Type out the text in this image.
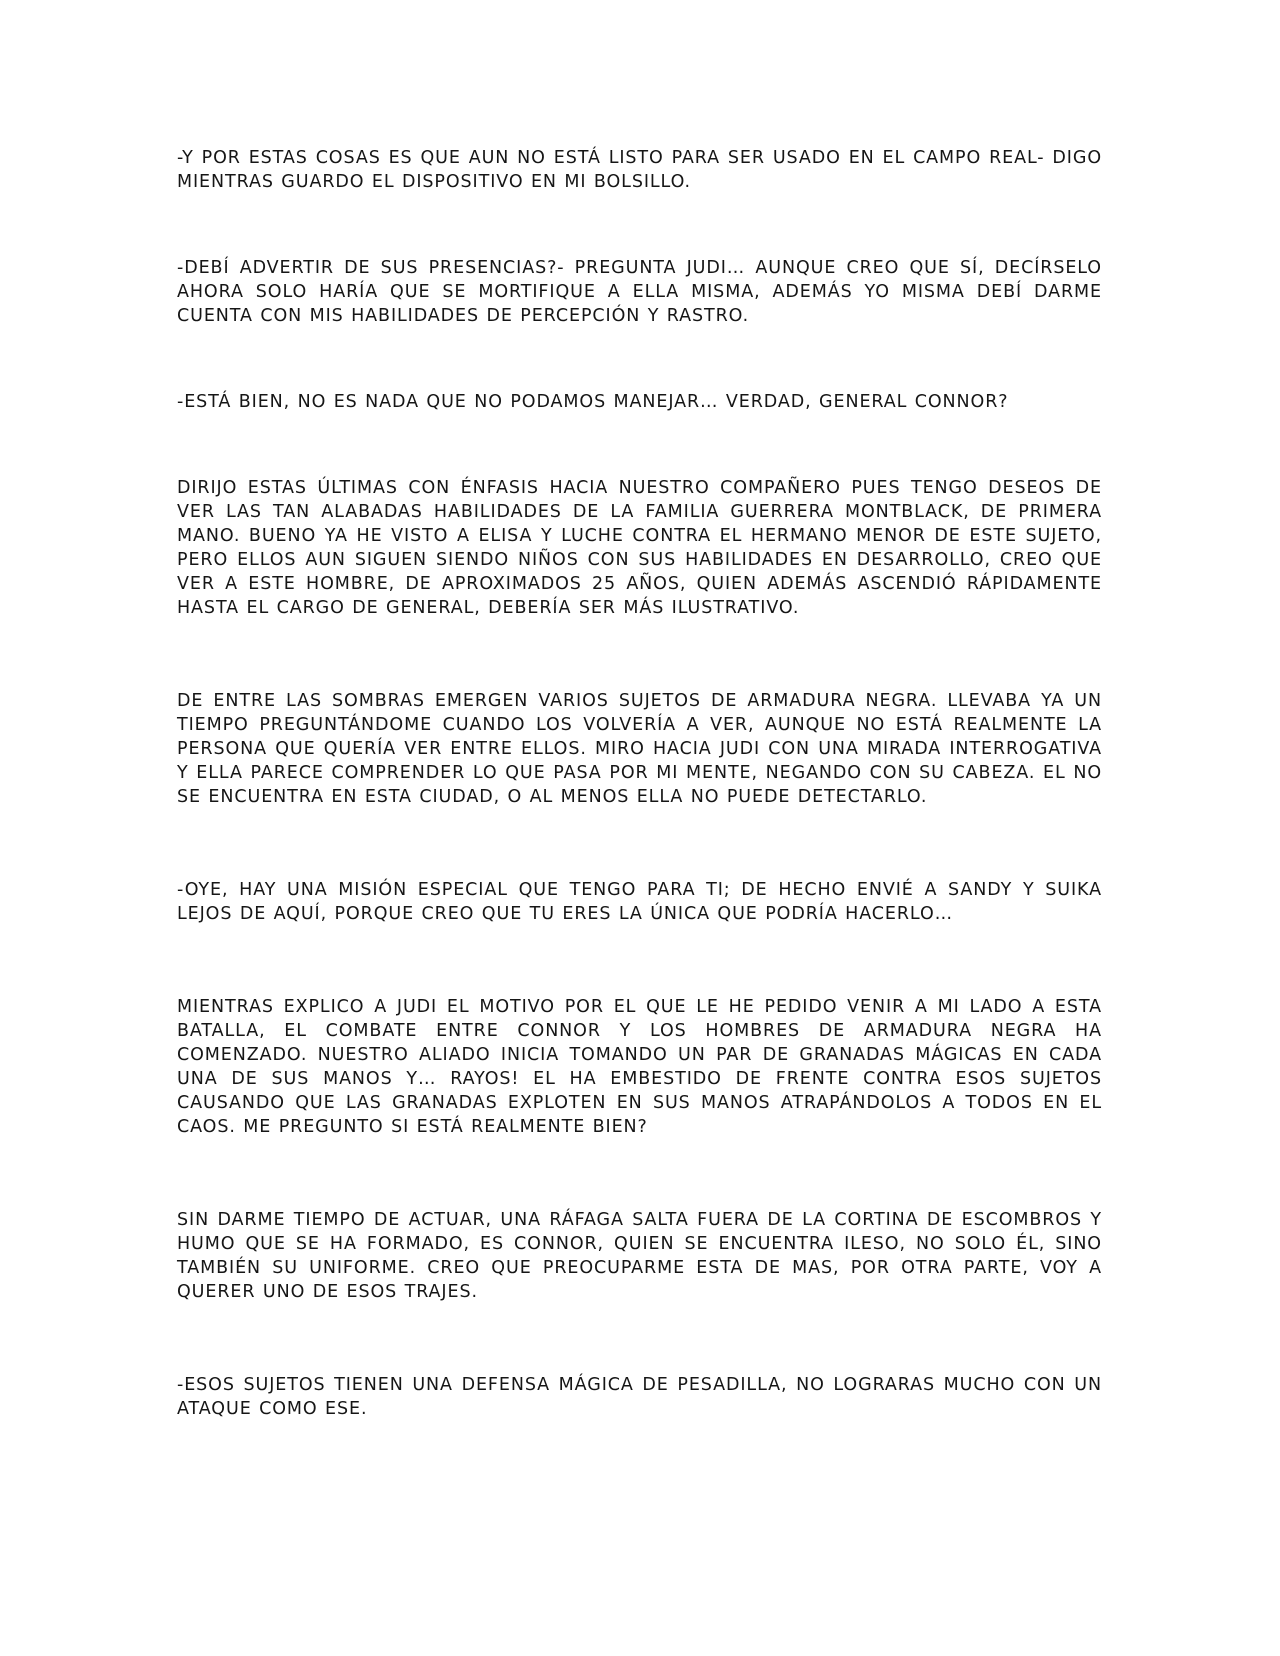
-Y POR ESTAS COSAS ES QUE AUN NO ESTÁ LISTO PARA SER USADO EN EL CAMPO REAL- DIGO MIENTRAS GUARDO EL DISPOSITIVO EN MI BOLSILLO.

-DEBÍ ADVERTIR DE SUS PRESENCIAS?- PREGUNTA JUDI… AUNQUE CREO QUE SÍ, DECÍRSELO AHORA SOLO HARÍA QUE SE MORTIFIQUE A ELLA MISMA, ADEMÁS YO MISMA DEBÍ DARME CUENTA CON MIS HABILIDADES DE PERCEPCIÓN Y RASTRO.

-ESTÁ BIEN, NO ES NADA QUE NO PODAMOS MANEJAR… VERDAD, GENERAL CONNOR?

DIRIJO ESTAS ÚLTIMAS CON ÉNFASIS HACIA NUESTRO COMPAÑERO PUES TENGO DESEOS DE VER LAS TAN ALABADAS HABILIDADES DE LA FAMILIA GUERRERA MONTBLACK, DE PRIMERA MANO. BUENO YA HE VISTO A ELISA Y LUCHE CONTRA EL HERMANO MENOR DE ESTE SUJETO, PERO ELLOS AUN SIGUEN SIENDO NIÑOS CON SUS HABILIDADES EN DESARROLLO, CREO QUE VER A ESTE HOMBRE, DE APROXIMADOS 25 AÑOS, QUIEN ADEMÁS ASCENDIÓ RÁPIDAMENTE HASTA EL CARGO DE GENERAL, DEBERÍA SER MÁS ILUSTRATIVO.

DE ENTRE LAS SOMBRAS EMERGEN VARIOS SUJETOS DE ARMADURA NEGRA. LLEVABA YA UN TIEMPO PREGUNTÁNDOME CUANDO LOS VOLVERÍA A VER, AUNQUE NO ESTÁ REALMENTE LA PERSONA QUE QUERÍA VER ENTRE ELLOS. MIRO HACIA JUDI CON UNA MIRADA INTERROGATIVA Y ELLA PARECE COMPRENDER LO QUE PASA POR MI MENTE, NEGANDO CON SU CABEZA. EL NO SE ENCUENTRA EN ESTA CIUDAD, O AL MENOS ELLA NO PUEDE DETECTARLO.

-OYE, HAY UNA MISIÓN ESPECIAL QUE TENGO PARA TI; DE HECHO ENVIÉ A SANDY Y SUIKA LEJOS DE AQUÍ, PORQUE CREO QUE TU ERES LA ÚNICA QUE PODRÍA HACERLO…

MIENTRAS EXPLICO A JUDI EL MOTIVO POR EL QUE LE HE PEDIDO VENIR A MI LADO A ESTA BATALLA, EL COMBATE ENTRE CONNOR Y LOS HOMBRES DE ARMADURA NEGRA HA COMENZADO. NUESTRO ALIADO INICIA TOMANDO UN PAR DE GRANADAS MÁGICAS EN CADA UNA DE SUS MANOS Y… RAYOS! EL HA EMBESTIDO DE FRENTE CONTRA ESOS SUJETOS CAUSANDO QUE LAS GRANADAS EXPLOTEN EN SUS MANOS ATRAPÁNDOLOS A TODOS EN EL CAOS. ME PREGUNTO SI ESTÁ REALMENTE BIEN?

SIN DARME TIEMPO DE ACTUAR, UNA RÁFAGA SALTA FUERA DE LA CORTINA DE ESCOMBROS Y HUMO QUE SE HA FORMADO, ES CONNOR, QUIEN SE ENCUENTRA ILESO, NO SOLO ÉL, SINO TAMBIÉN SU UNIFORME. CREO QUE PREOCUPARME ESTA DE MAS, POR OTRA PARTE, VOY A QUERER UNO DE ESOS TRAJES.

-ESOS SUJETOS TIENEN UNA DEFENSA MÁGICA DE PESADILLA, NO LOGRARAS MUCHO CON UN ATAQUE COMO ESE.
